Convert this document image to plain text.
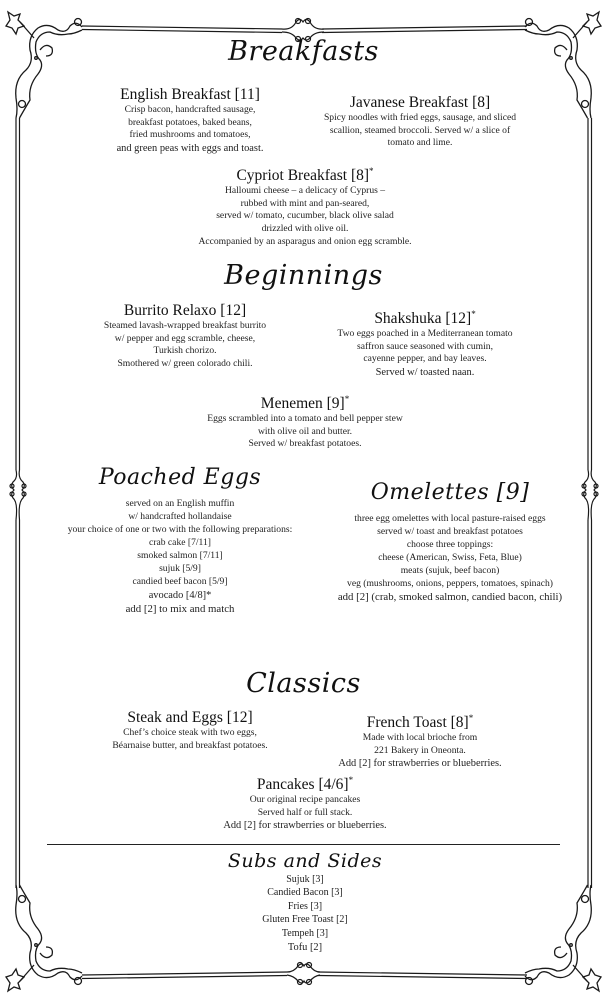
Breakfasts
English Breakfast [11]
Crisp bacon, handcrafted sausage,
breakfast potatoes, baked beans,
fried mushrooms and tomatoes,
and green peas with eggs and toast.
Javanese Breakfast [8]
Spicy noodles with fried eggs, sausage, and sliced
scallion, steamed broccoli. Served w/ a slice of
tomato and lime.
Cypriot Breakfast [8]*
Halloumi cheese – a delicacy of Cyprus –
rubbed with mint and pan-seared,
served w/ tomato, cucumber, black olive salad
drizzled with olive oil.
Accompanied by an asparagus and onion egg scramble.
Beginnings
Burrito Relaxo [12]
Steamed lavash-wrapped breakfast burrito
w/ pepper and egg scramble, cheese,
Turkish chorizo.
Smothered w/ green colorado chili.
Shakshuka [12]*
Two eggs poached in a Mediterranean tomato
saffron sauce seasoned with cumin,
cayenne pepper, and bay leaves.
Served w/ toasted naan.
Menemen [9]*
Eggs scrambled into a tomato and bell pepper stew
with olive oil and butter.
Served w/ breakfast potatoes.
Poached Eggs
served on an English muffin
w/ handcrafted hollandaise
your choice of one or two with the following preparations:
crab cake [7/11]
smoked salmon [7/11]
sujuk [5/9]
candied beef bacon [5/9]
avocado [4/8]*
add [2] to mix and match
Omelettes [9]
three egg omelettes with local pasture-raised eggs
served w/ toast and breakfast potatoes
choose three toppings:
cheese (American, Swiss, Feta, Blue)
meats (sujuk, beef bacon)
veg (mushrooms, onions, peppers, tomatoes, spinach)
add [2] (crab, smoked salmon, candied bacon, chili)
Classics
Steak and Eggs [12]
Chef’s choice steak with two eggs,
Béarnaise butter, and breakfast potatoes.
French Toast [8]*
Made with local brioche from
221 Bakery in Oneonta.
Add [2] for strawberries or blueberries.
Pancakes [4/6]*
Our original recipe pancakes
Served half or full stack.
Add [2] for strawberries or blueberries.
Subs and Sides
Sujuk [3]
Candied Bacon [3]
Fries [3]
Gluten Free Toast [2]
Tempeh [3]
Tofu [2]
